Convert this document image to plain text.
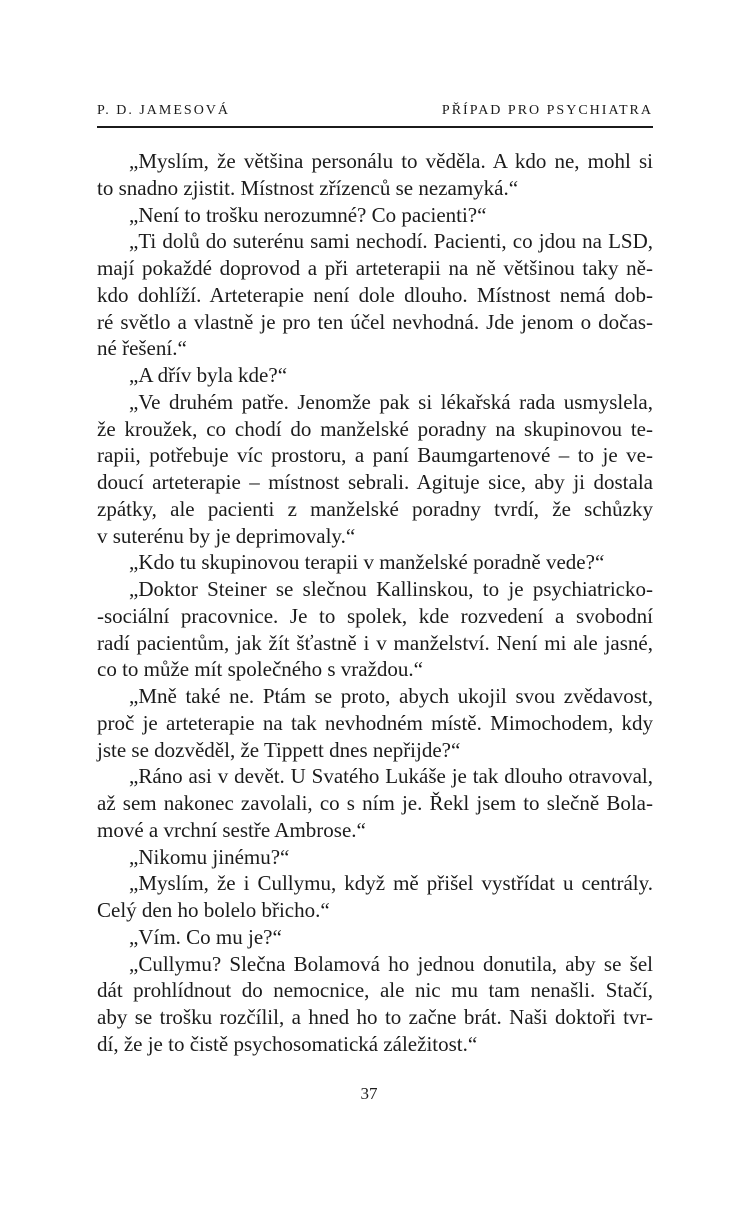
P. D. JAMESOVÁ	PŘÍPAD PRO PSYCHIATRA
„Myslím, že většina personálu to věděla. A kdo ne, mohl si
to snadno zjistit. Místnost zřízenců se nezamyká.“
„Není to trošku nerozumné? Co pacienti?“
„Ti dolů do suterénu sami nechodí. Pacienti, co jdou na LSD,
mají pokaždé doprovod a při arteterapii na ně většinou taky ně-
kdo dohlíží. Arteterapie není dole dlouho. Místnost nemá dob-
ré světlo a vlastně je pro ten účel nevhodná. Jde jenom o dočas-
né řešení.“
„A dřív byla kde?“
„Ve druhém patře. Jenomže pak si lékařská rada usmyslela,
že kroužek, co chodí do manželské poradny na skupinovou te-
rapii, potřebuje víc prostoru, a paní Baumgartenové – to je ve-
doucí arteterapie – místnost sebrali. Agituje sice, aby ji dostala
zpátky, ale pacienti z manželské poradny tvrdí, že schůzky
v suterénu by je deprimovaly.“
„Kdo tu skupinovou terapii v manželské poradně vede?“
„Doktor Steiner se slečnou Kallinskou, to je psychiatricko-
-sociální pracovnice. Je to spolek, kde rozvedení a svobodní
radí pacientům, jak žít šťastně i v manželství. Není mi ale jasné,
co to může mít společného s vraždou.“
„Mně také ne. Ptám se proto, abych ukojil svou zvědavost,
proč je arteterapie na tak nevhodném místě. Mimochodem, kdy
jste se dozvěděl, že Tippett dnes nepřijde?“
„Ráno asi v devět. U Svatého Lukáše je tak dlouho otravoval,
až sem nakonec zavolali, co s ním je. Řekl jsem to slečně Bola-
mové a vrchní sestře Ambrose.“
„Nikomu jinému?“
„Myslím, že i Cullymu, když mě přišel vystřídat u centrály.
Celý den ho bolelo břicho.“
„Vím. Co mu je?“
„Cullymu? Slečna Bolamová ho jednou donutila, aby se šel
dát prohlídnout do nemocnice, ale nic mu tam nenašli. Stačí,
aby se trošku rozčílil, a hned ho to začne brát. Naši doktoři tvr-
dí, že je to čistě psychosomatická záležitost.“
37
